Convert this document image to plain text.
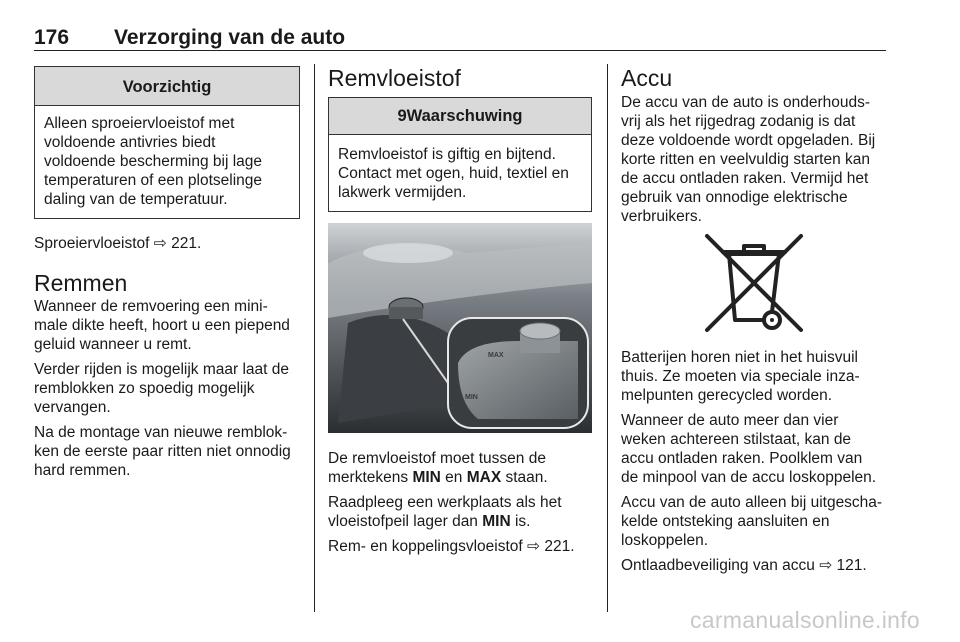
176 Verzorging van de auto
Voorzichtig
Alleen sproeiervloeistof met
voldoende antivries biedt
voldoende bescherming bij lage
temperaturen of een plotselinge
daling van de temperatuur.

Sproeiervloeistof ⇨ 221.

Remmen

Wanneer de remvoering een mini-
male dikte heeft, hoort u een piepend
geluid wanneer u remt.

Verder rijden is mogelijk maar laat de
remblokken zo spoedig mogelijk
vervangen.

Na de montage van nieuwe remblok-
ken de eerste paar ritten niet onnodig
hard remmen.

Remvloeistof
9Waarschuwing
Remvloeistof is giftig en bijtend.
Contact met ogen, huid, textiel en
lakwerk vermijden.
MAX
MIN

De remvloeistof moet tussen de
merktekens MIN en MAX staan.

Raadpleeg een werkplaats als het
vloeistofpeil lager dan MIN is.

Rem- en koppelingsvloeistof ⇨ 221.

Accu

De accu van de auto is onderhouds-
vrij als het rijgedrag zodanig is dat
deze voldoende wordt opgeladen. Bij
korte ritten en veelvuldig starten kan
de accu ontladen raken. Vermijd het
gebruik van onnodige elektrische
verbruikers.

Batterijen horen niet in het huisvuil
thuis. Ze moeten via speciale inza-
melpunten gerecycled worden.

Wanneer de auto meer dan vier
weken achtereen stilstaat, kan de
accu ontladen raken. Poolklem van
de minpool van de accu loskoppelen.

Accu van de auto alleen bij uitgescha-
kelde ontsteking aansluiten en
loskoppelen.

Ontlaadbeveiliging van accu ⇨ 121.

carmanualsonline.info
